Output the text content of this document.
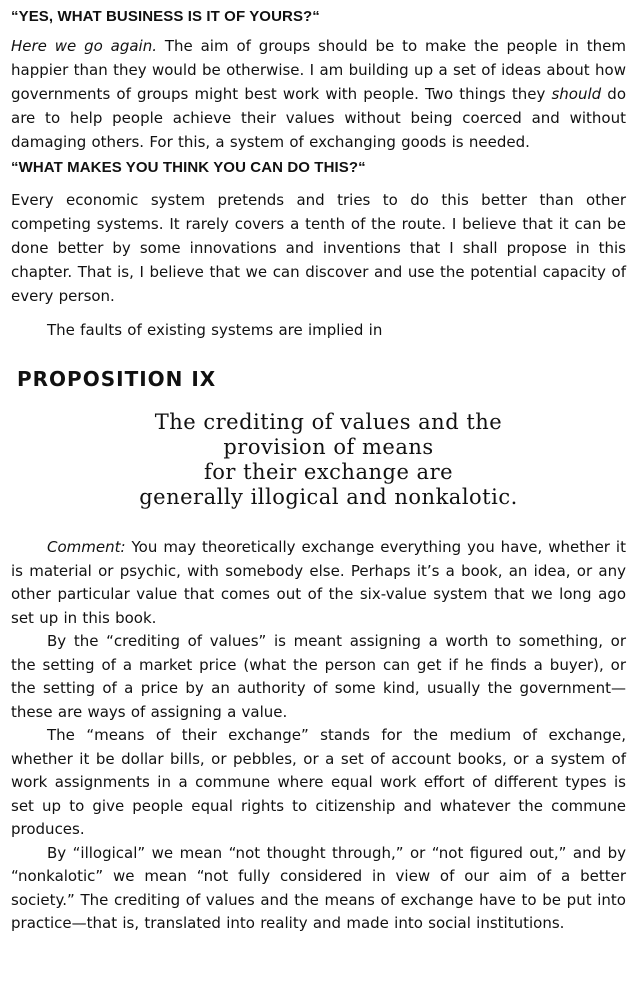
“YES, WHAT BUSINESS IS IT OF YOURS?“

Here we go again. The aim of groups should be to make the people in them happier than they would be otherwise. I am building up a set of ideas about how governments of groups might best work with people. Two things they should do are to help people achieve their values without being coerced and without damaging others. For this, a system of exchanging goods is needed.

“WHAT MAKES YOU THINK YOU CAN DO THIS?“

Every economic system pretends and tries to do this better than other competing systems. It rarely covers a tenth of the route. I believe that it can be done better by some innovations and inventions that I shall propose in this chapter. That is, I believe that we can discover and use the potential capacity of every person.

The faults of existing systems are implied in

PROPOSITION IX
The crediting of values and the
provision of means
for their exchange are
generally illogical and nonkalotic.

Comment: You may theoretically exchange everything you have, whether it is material or psychic, with somebody else. Perhaps it’s a book, an idea, or any other particular value that comes out of the six-value system that we long ago set up in this book.

By the “crediting of values” is meant assigning a worth to something, or the setting of a market price (what the person can get if he finds a buyer), or the setting of a price by an authority of some kind, usually the government—these are ways of assigning a value.

The “means of their exchange” stands for the medium of exchange, whether it be dollar bills, or pebbles, or a set of account books, or a system of work assignments in a commune where equal work effort of different types is set up to give people equal rights to citizenship and whatever the commune produces.

By “illogical” we mean “not thought through,” or “not figured out,” and by “nonkalotic” we mean “not fully considered in view of our aim of a better society.” The crediting of values and the means of exchange have to be put into practice—that is, translated into reality and made into social institutions.
